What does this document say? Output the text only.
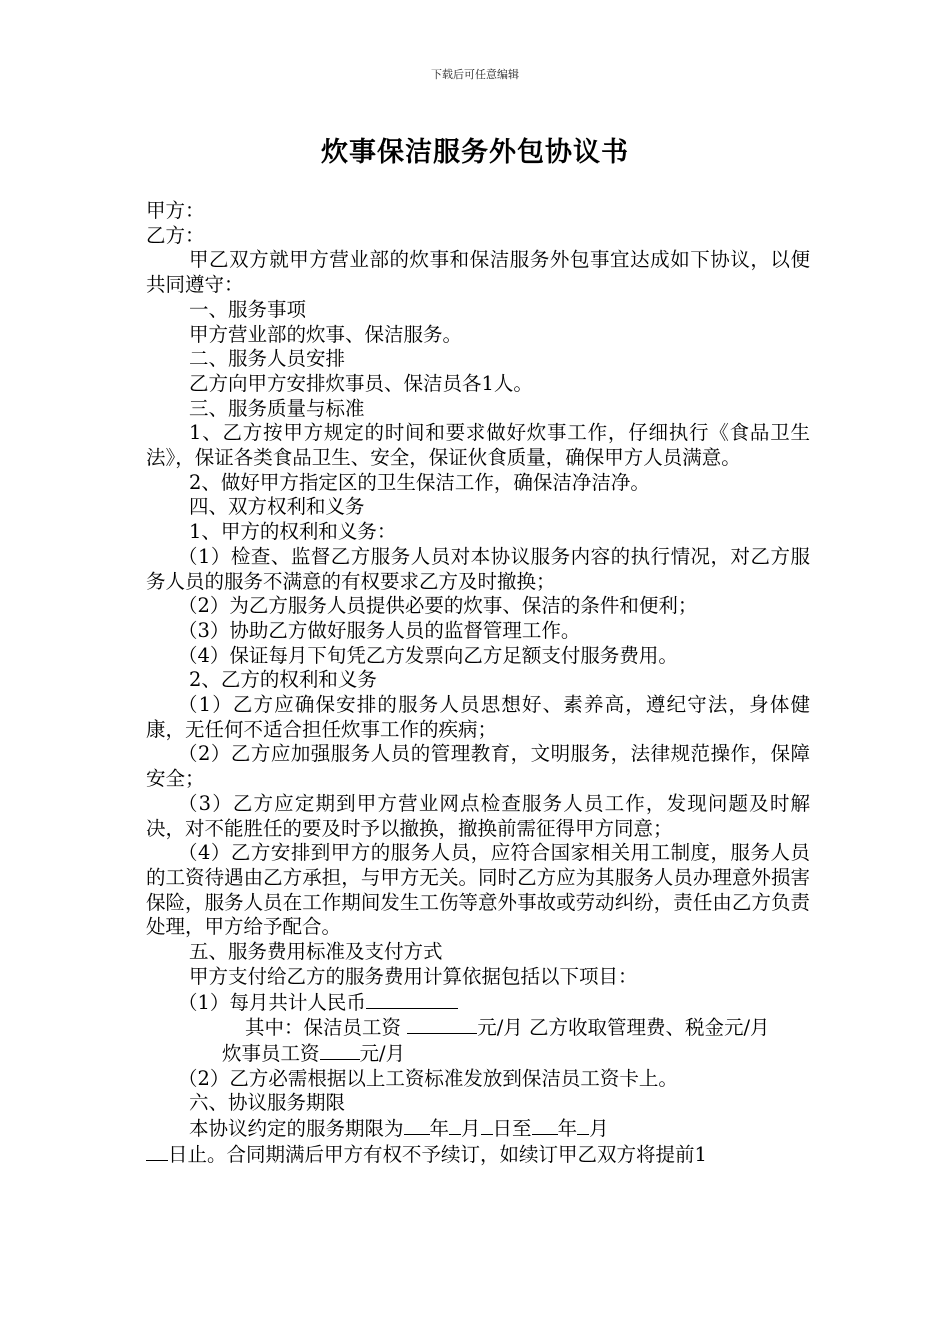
下载后可任意编辑
炊事保洁服务外包协议书

甲方：

乙方：

甲乙双方就甲方营业部的炊事和保洁服务外包事宜达成如下协议，以便共同遵守：

一、服务事项

甲方营业部的炊事、保洁服务。

二、服务人员安排

乙方向甲方安排炊事员、保洁员各1人。

三、服务质量与标准

1、乙方按甲方规定的时间和要求做好炊事工作，仔细执行《食品卫生法》，保证各类食品卫生、安全，保证伙食质量，确保甲方人员满意。

2、做好甲方指定区的卫生保洁工作，确保洁净洁净。

四、双方权利和义务

1、甲方的权利和义务：

（1）检查、监督乙方服务人员对本协议服务内容的执行情况，对乙方服务人员的服务不满意的有权要求乙方及时撤换；

（2）为乙方服务人员提供必要的炊事、保洁的条件和便利；

（3）协助乙方做好服务人员的监督管理工作。

（4）保证每月下旬凭乙方发票向乙方足额支付服务费用。

2、乙方的权利和义务

（1）乙方应确保安排的服务人员思想好、素养高，遵纪守法，身体健康，无任何不适合担任炊事工作的疾病；

（2）乙方应加强服务人员的管理教育，文明服务，法律规范操作，保障安全；

（3）乙方应定期到甲方营业网点检查服务人员工作，发现问题及时解决，对不能胜任的要及时予以撤换，撤换前需征得甲方同意；

（4）乙方安排到甲方的服务人员，应符合国家相关用工制度，服务人员的工资待遇由乙方承担，与甲方无关。同时乙方应为其服务人员办理意外损害保险，服务人员在工作期间发生工伤等意外事故或劳动纠纷，责任由乙方负责处理，甲方给予配合。

五、服务费用标准及支付方式

甲方支付给乙方的服务费用计算依据包括以下项目：

（1）每月共计人民币

其中：保洁员工资	元/月 乙方收取管理费、税金元/月

炊事员工资 元/月

（2）乙方必需根据以上工资标准发放到保洁员工资卡上。

六、协议服务期限

本协议约定的服务期限为 年 月 日至 年 月
日止。合同期满后甲方有权不予续订，如续订甲乙双方将提前1
